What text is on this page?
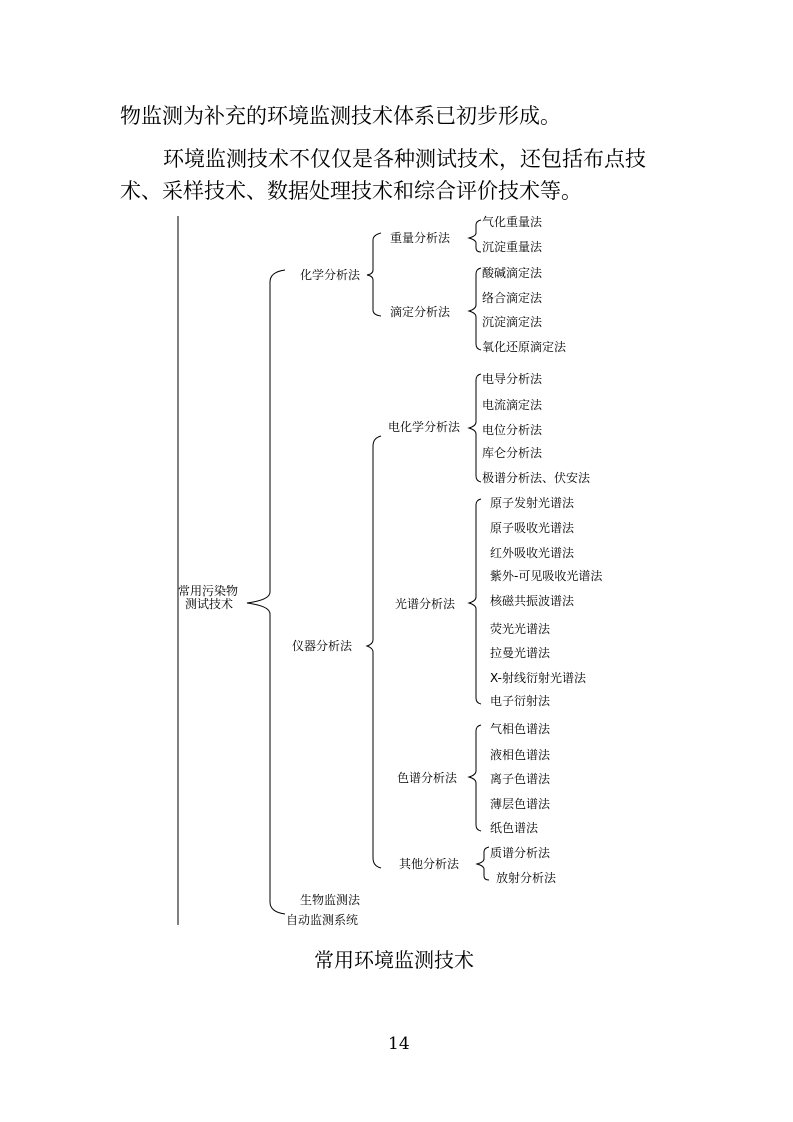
物监测为补充的环境监测技术体系已初步形成。
环境监测技术不仅仅是各种测试技术，还包括布点技
术、采样技术、数据处理技术和综合评价技术等。
常用污染物
测试技术
化学分析法
仪器分析法
生物监测法
自动监测系统
重量分析法
滴定分析法
电化学分析法
光谱分析法
色谱分析法
其他分析法
气化重量法
沉淀重量法
酸碱滴定法
络合滴定法
沉淀滴定法
氧化还原滴定法
电导分析法
电流滴定法
电位分析法
库仑分析法
极谱分析法、伏安法
原子发射光谱法
原子吸收光谱法
红外吸收光谱法
紫外-可见吸收光谱法
核磁共振波谱法
荧光光谱法
拉曼光谱法
X-射线衍射光谱法
电子衍射法
气相色谱法
液相色谱法
离子色谱法
薄层色谱法
纸色谱法
质谱分析法
放射分析法
常用环境监测技术
14
